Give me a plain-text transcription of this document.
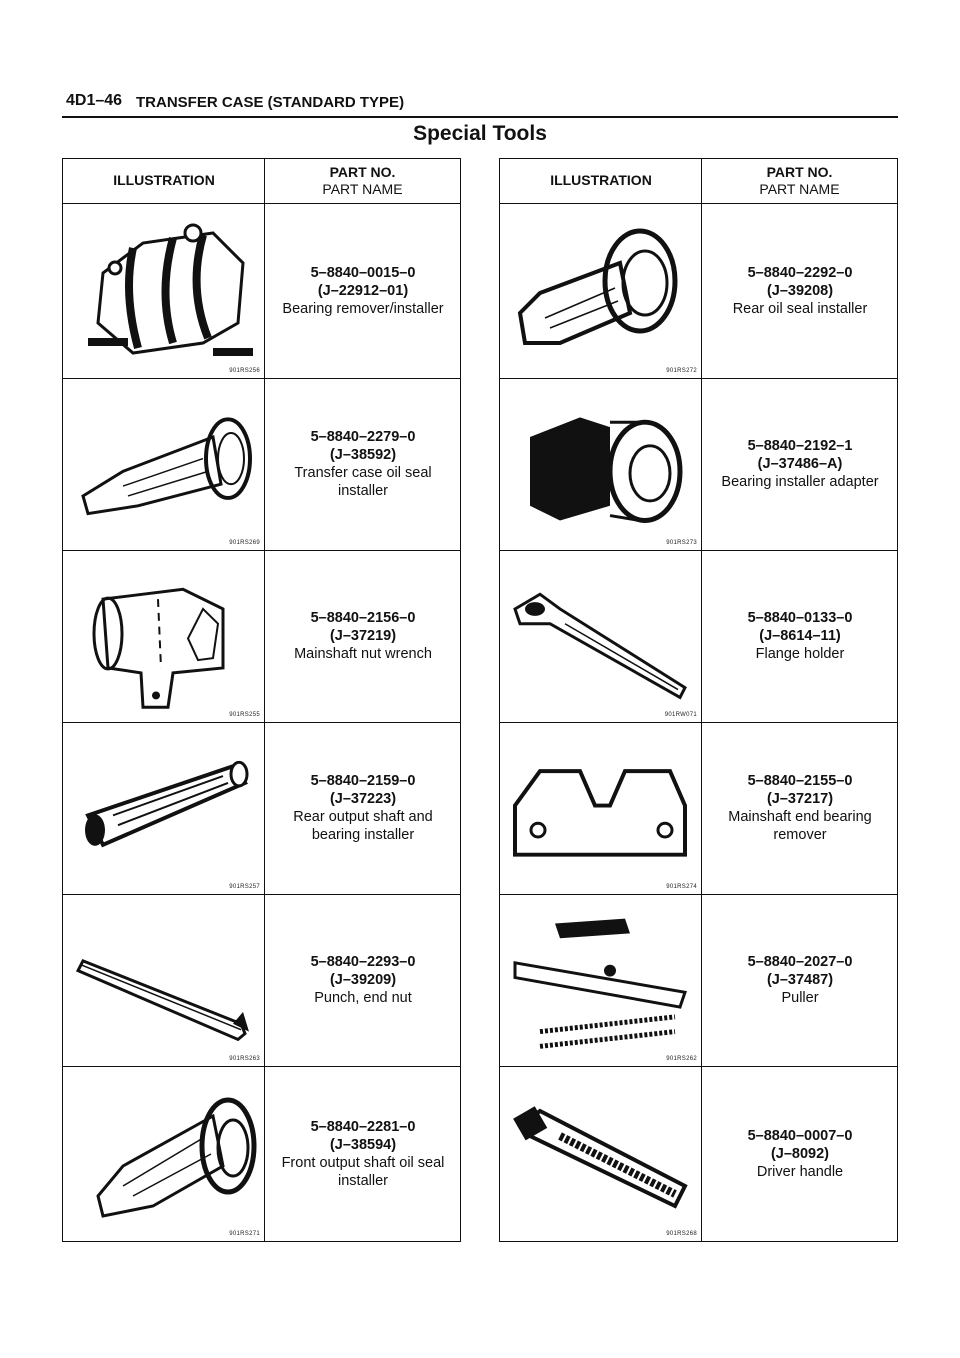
4D1–46 TRANSFER CASE (STANDARD TYPE)
Special Tools
ILLUSTRATION	PART NO.
PART NAME
901RS256
5–8840–0015–0
(J–22912–01)
Bearing remover/installer
901RS269
5–8840–2279–0
(J–38592)
Transfer case oil seal installer
901RS255
5–8840–2156–0
(J–37219)
Mainshaft nut wrench
901RS257
5–8840–2159–0
(J–37223)
Rear output shaft and bearing installer
901RS263
5–8840–2293–0
(J–39209)
Punch, end nut
901RS271
5–8840–2281–0
(J–38594)
Front output shaft oil seal installer
ILLUSTRATION	PART NO.
PART NAME
901RS272
5–8840–2292–0
(J–39208)
Rear oil seal installer
901RS273
5–8840–2192–1
(J–37486–A)
Bearing installer adapter
901RW071
5–8840–0133–0
(J–8614–11)
Flange holder
901RS274
5–8840–2155–0
(J–37217)
Mainshaft end bearing remover
901RS262
5–8840–2027–0
(J–37487)
Puller
901RS268
5–8840–0007–0
(J–8092)
Driver handle
